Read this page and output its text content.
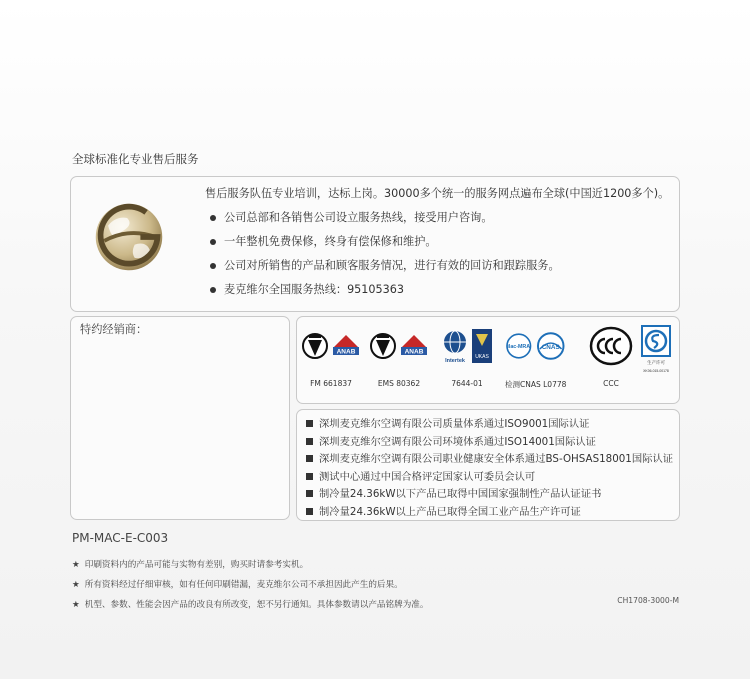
全球标准化专业售后服务
售后服务队伍专业培训，达标上岗。30000多个统一的服务网点遍布全球(中国近1200多个)。
公司总部和各销售公司设立服务热线，接受用户咨询。
一年整机免费保修，终身有偿保修和维护。
公司对所销售的产品和顾客服务情况，进行有效的回访和跟踪服务。
麦克维尔全国服务热线：95105363
特约经销商：
ANAB
FM 661837
ANAB
EMS 80362
Intertek
UKAS
7644-01
ilac-MRA CNAS
检测CNAS L0778	CCC
生产许可
XK06-015-00178
深圳麦克维尔空调有限公司质量体系通过ISO9001国际认证
深圳麦克维尔空调有限公司环境体系通过ISO14001国际认证
深圳麦克维尔空调有限公司职业健康安全体系通过BS-OHSAS18001国际认证
测试中心通过中国合格评定国家认可委员会认可
制冷量24.36kW以下产品已取得中国国家强制性产品认证证书
制冷量24.36kW以上产品已取得全国工业产品生产许可证
PM-MAC-E-C003
★ 印刷资料内的产品可能与实物有差别，购买时请参考实机。
★ 所有资料经过仔细审核，如有任何印刷错漏，麦克维尔公司不承担因此产生的后果。
★ 机型、参数、性能会因产品的改良有所改变，恕不另行通知。具体参数请以产品铭牌为准。	CH1708-3000-M
